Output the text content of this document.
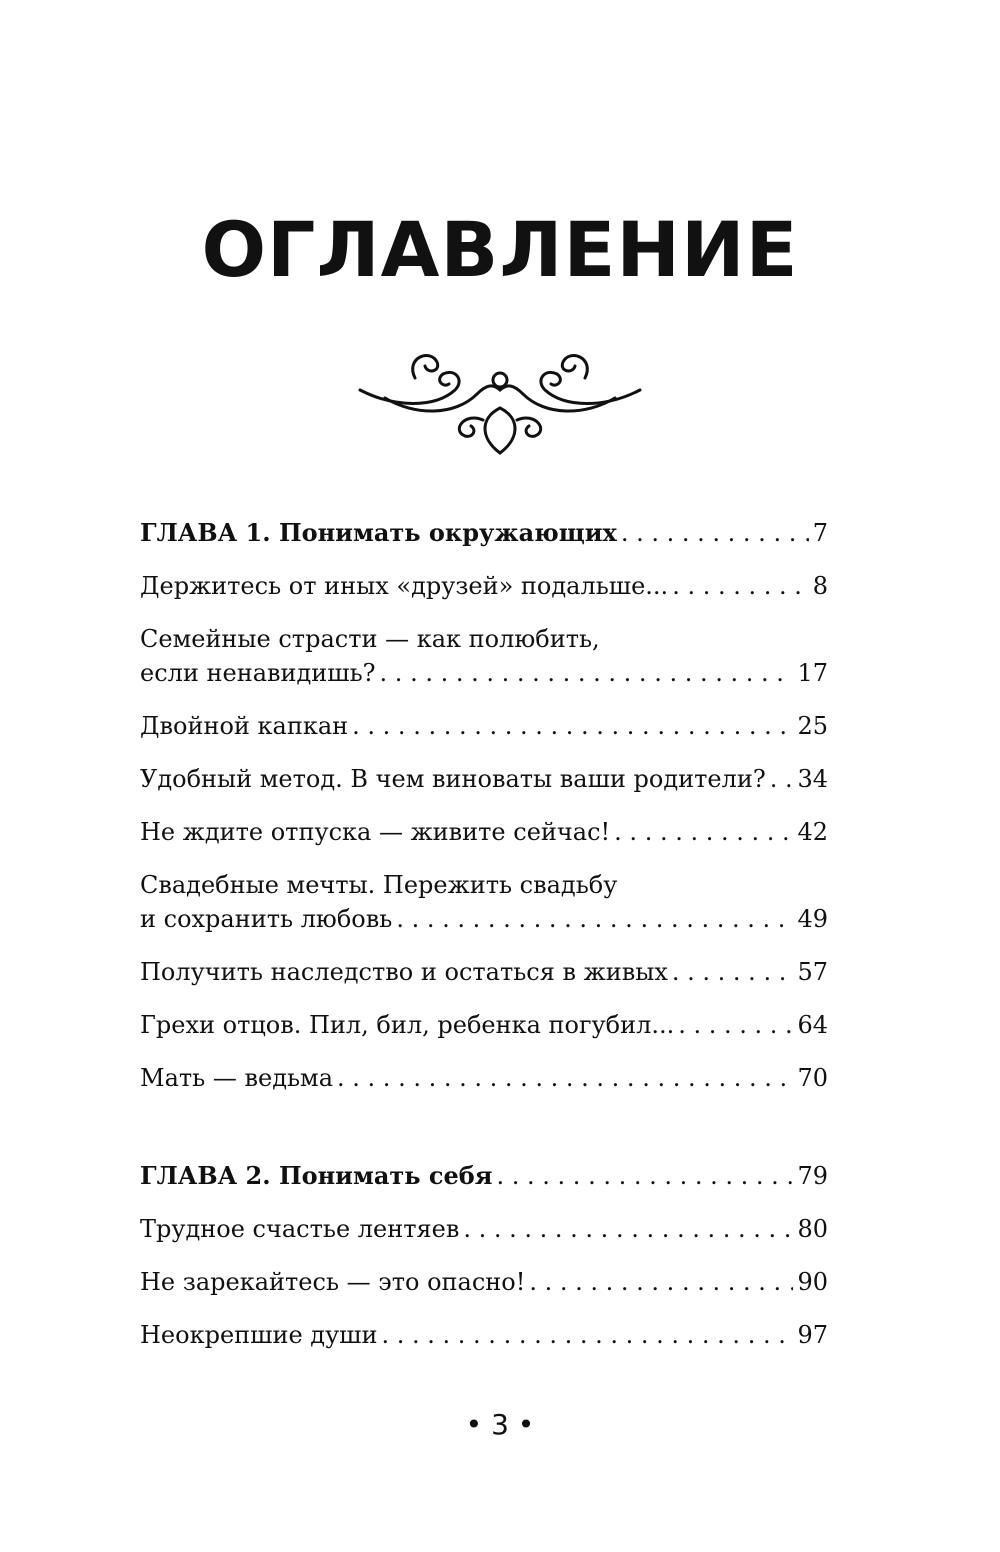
ОГЛАВЛЕНИЕ
ГЛАВА 1. Понимать окружающих . . .	7
Держитесь от иных «друзей» подальше... . . .	8
Семейные страсти — как полюбить,
если ненавидишь? . . .	17
Двойной капкан . . .	25
Удобный метод. В чем виноваты ваши родители? . . . 34
Не ждите отпуска — живите сейчас! . . .	42
Свадебные мечты. Пережить свадьбу
и сохранить любовь . . .	49
Получить наследство и остаться в живых . . .	57
Грехи отцов. Пил, бил, ребенка погубил... . . .	64
Мать — ведьма . . .	70
ГЛАВА 2. Понимать себя . . .	79
Трудное счастье лентяев . . .	80
Не зарекайтесь — это опасно! . . .	90
Неокрепшие души . . .	97
• 3 •
